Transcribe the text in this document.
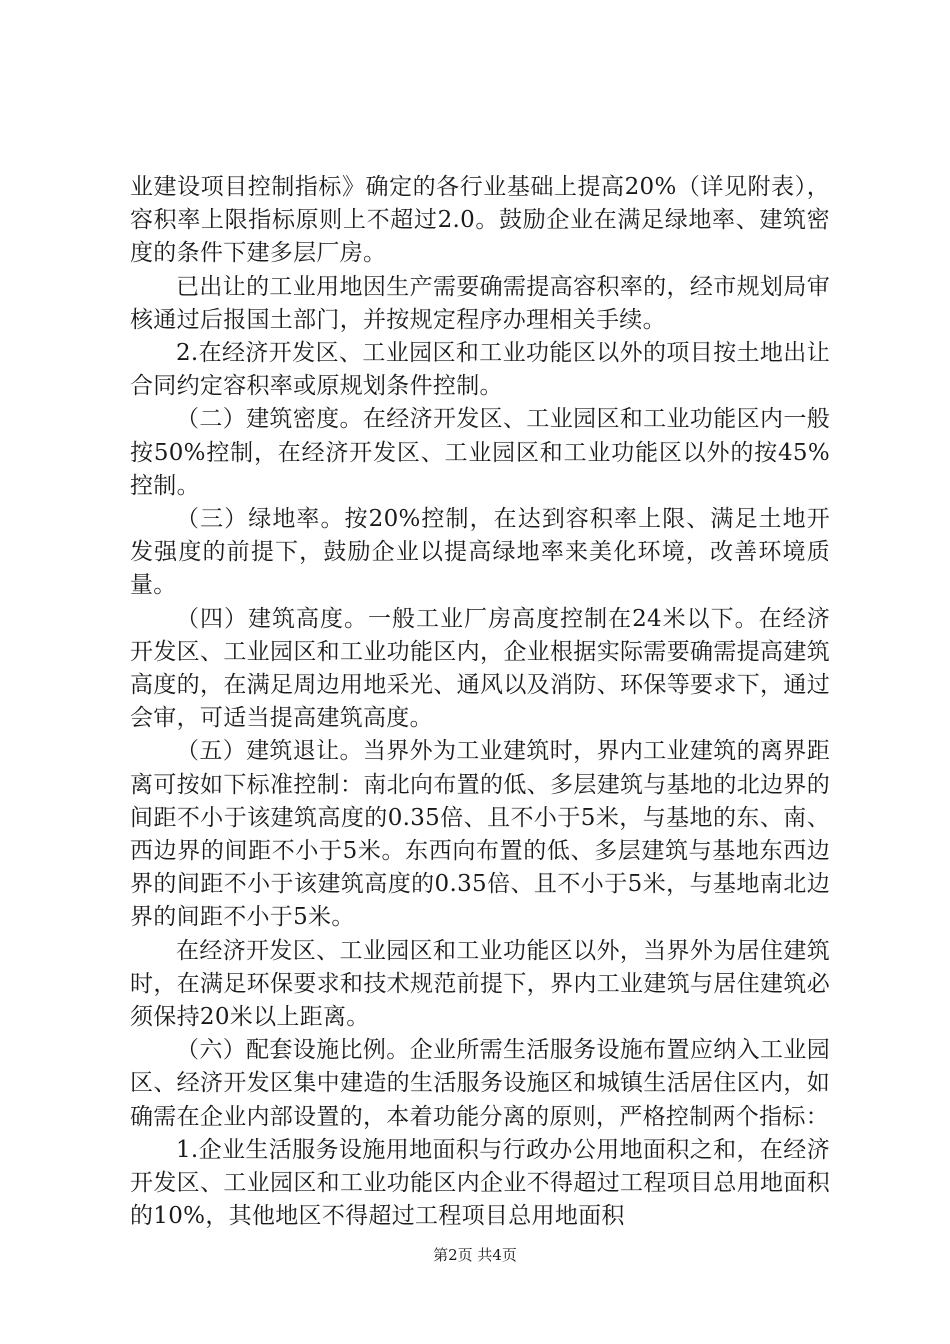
业建设项目控制指标》确定的各行业基础上提高20%（详见附表），容积率上限指标原则上不超过2.0。鼓励企业在满足绿地率、建筑密度的条件下建多层厂房。

已出让的工业用地因生产需要确需提高容积率的，经市规划局审核通过后报国土部门，并按规定程序办理相关手续。

2.在经济开发区、工业园区和工业功能区以外的项目按土地出让合同约定容积率或原规划条件控制。

（二）建筑密度。在经济开发区、工业园区和工业功能区内一般按50%控制，在经济开发区、工业园区和工业功能区以外的按45%控制。

（三）绿地率。按20%控制，在达到容积率上限、满足土地开发强度的前提下，鼓励企业以提高绿地率来美化环境，改善环境质量。

（四）建筑高度。一般工业厂房高度控制在24米以下。在经济开发区、工业园区和工业功能区内，企业根据实际需要确需提高建筑高度的，在满足周边用地采光、通风以及消防、环保等要求下，通过会审，可适当提高建筑高度。

（五）建筑退让。当界外为工业建筑时，界内工业建筑的离界距离可按如下标准控制：南北向布置的低、多层建筑与基地的北边界的间距不小于该建筑高度的0.35倍、且不小于5米，与基地的东、南、西边界的间距不小于5米。东西向布置的低、多层建筑与基地东西边界的间距不小于该建筑高度的0.35倍、且不小于5米，与基地南北边界的间距不小于5米。

在经济开发区、工业园区和工业功能区以外，当界外为居住建筑时，在满足环保要求和技术规范前提下，界内工业建筑与居住建筑必须保持20米以上距离。

（六）配套设施比例。企业所需生活服务设施布置应纳入工业园区、经济开发区集中建造的生活服务设施区和城镇生活居住区内，如确需在企业内部设置的，本着功能分离的原则，严格控制两个指标：

1.企业生活服务设施用地面积与行政办公用地面积之和，在经济开发区、工业园区和工业功能区内企业不得超过工程项目总用地面积的10%，其他地区不得超过工程项目总用地面积

第2页 共4页
